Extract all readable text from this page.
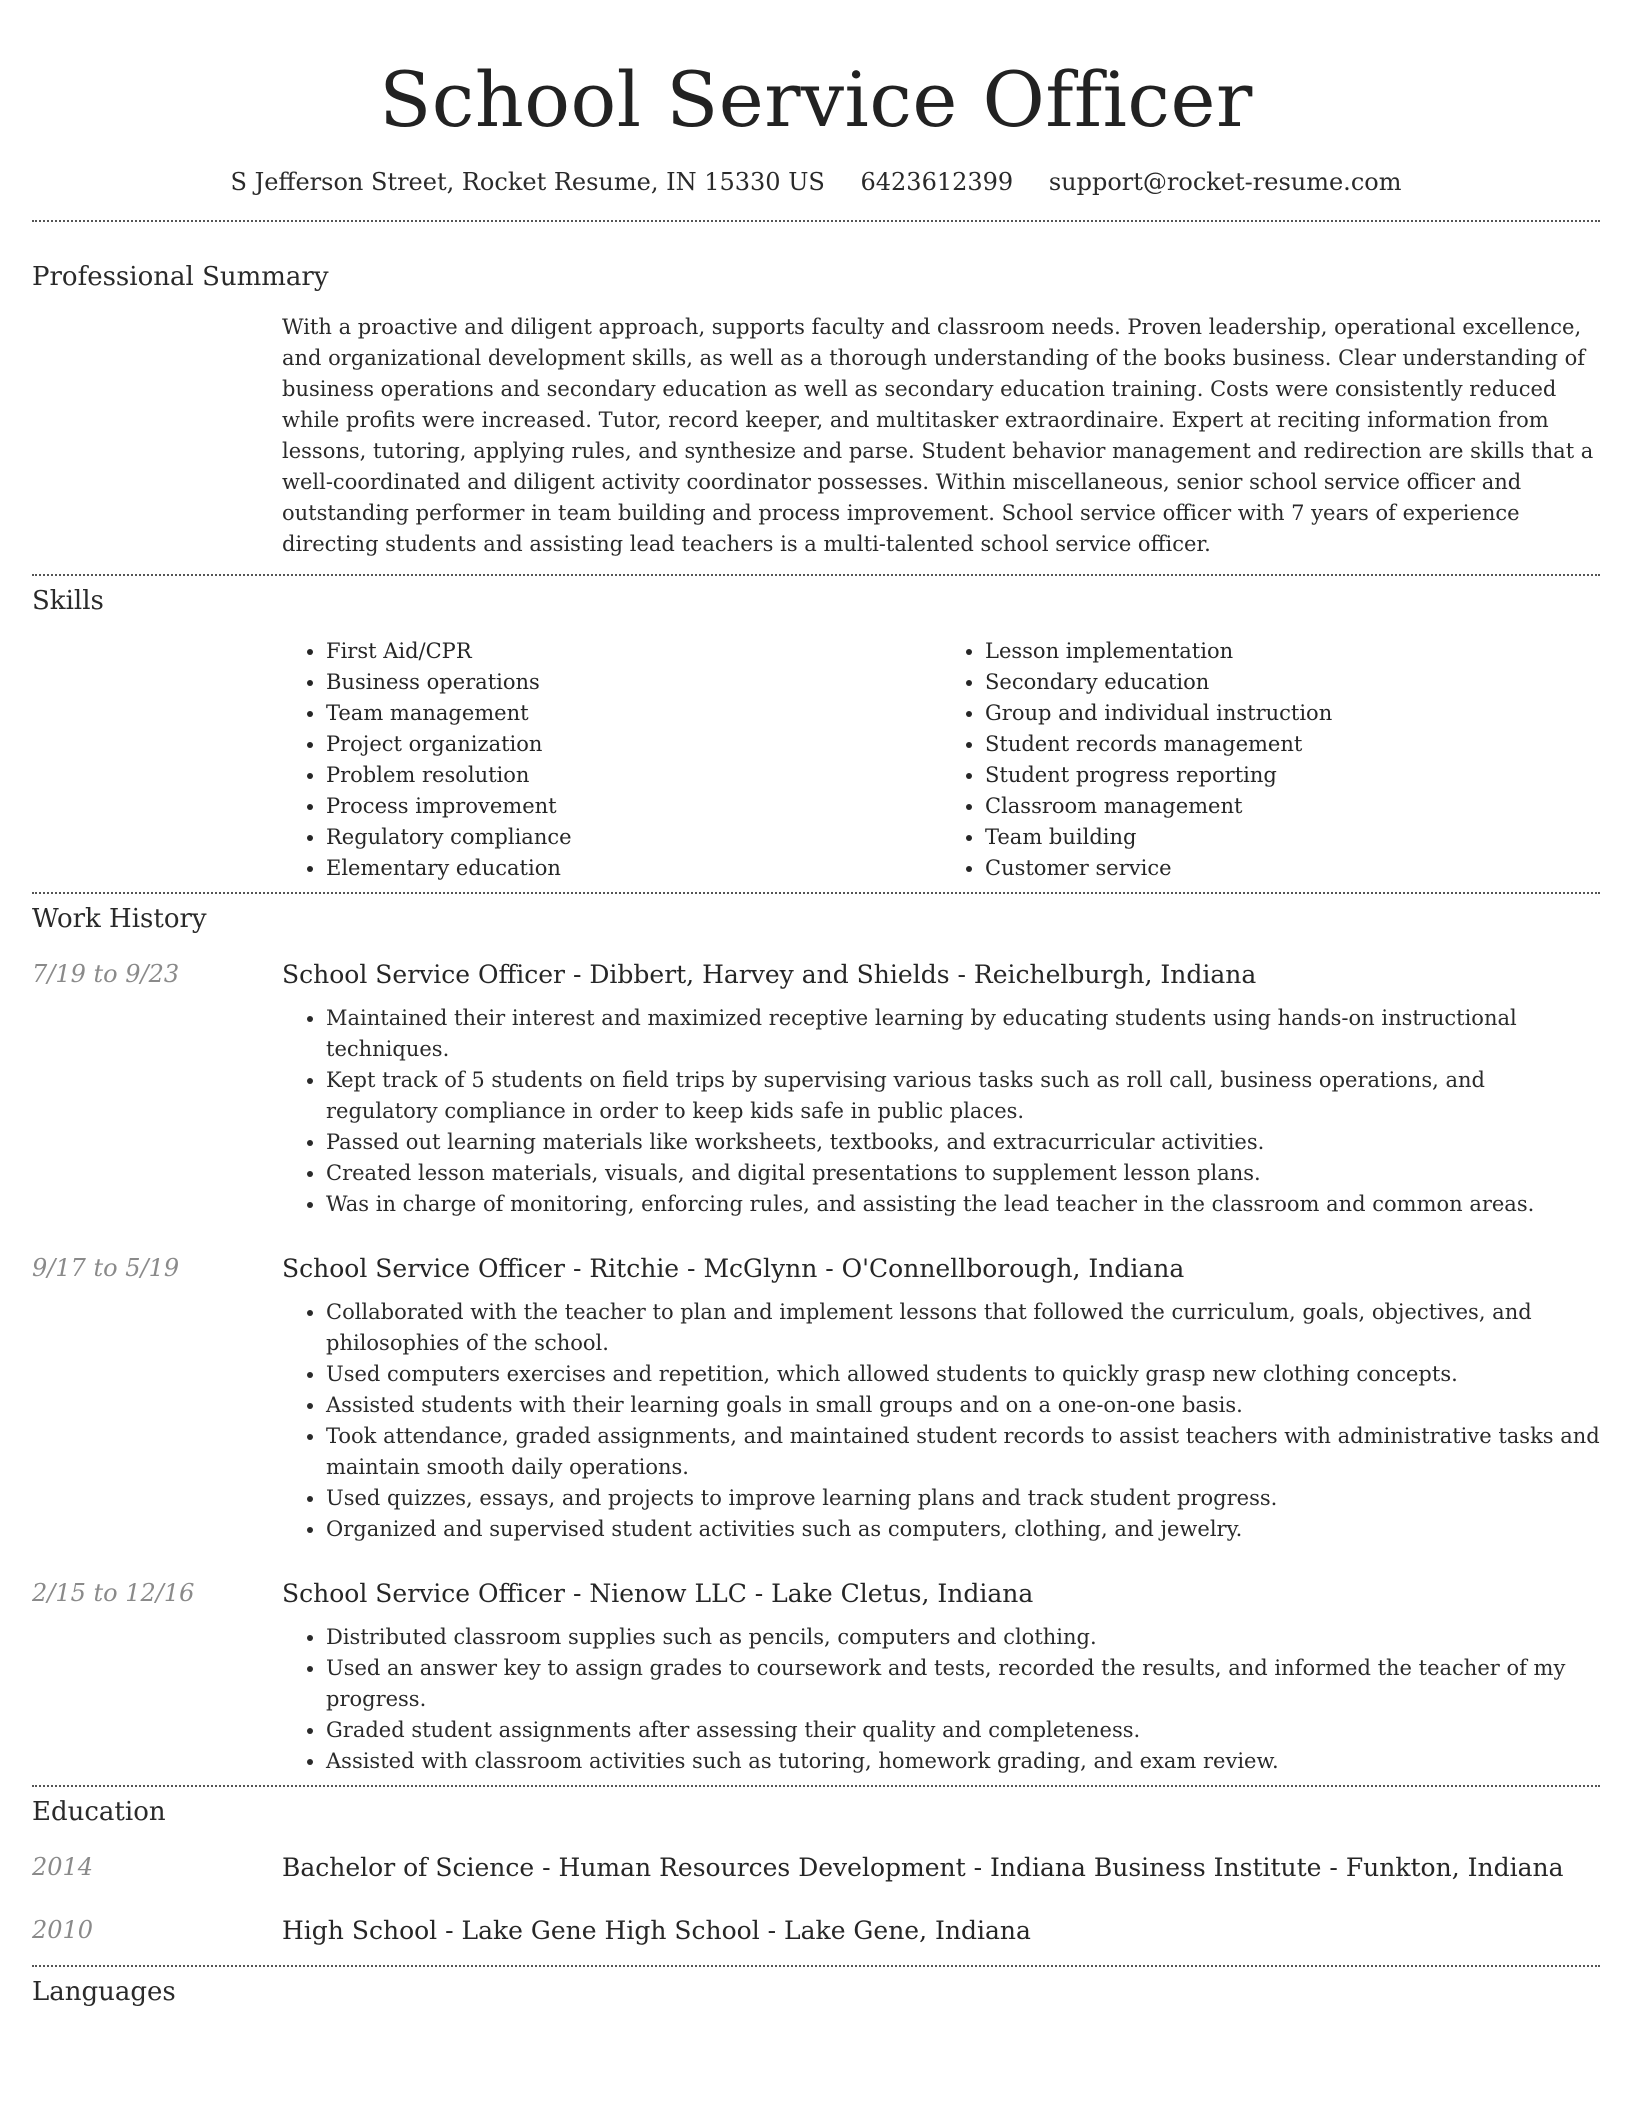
School Service Officer
S Jefferson Street, Rocket Resume, IN 15330 US 6423612399 support@rocket-resume.com
Professional Summary

With a proactive and diligent approach, supports faculty and classroom needs. Proven leadership, operational excellence, and organizational development skills, as well as a thorough understanding of the books business. Clear understanding of business operations and secondary education as well as secondary education training. Costs were consistently reduced while profits were increased. Tutor, record keeper, and multitasker extraordinaire. Expert at reciting information from lessons, tutoring, applying rules, and synthesize and parse. Student behavior management and redirection are skills that a well-coordinated and diligent activity coordinator possesses. Within miscellaneous, senior school service officer and outstanding performer in team building and process improvement. School service officer with 7 years of experience directing students and assisting lead teachers is a multi-talented school service officer.

Skills
• First Aid/CPR
• Business operations
• Team management
• Project organization
• Problem resolution
• Process improvement
• Regulatory compliance
• Elementary education
• Lesson implementation
• Secondary education
• Group and individual instruction
• Student records management
• Student progress reporting
• Classroom management
• Team building
• Customer service
Work History
7/19 to 9/23	School Service Officer - Dibbert, Harvey and Shields - Reichelburgh, Indiana
• Maintained their interest and maximized receptive learning by educating students using hands-on instructional techniques.
• Kept track of 5 students on field trips by supervising various tasks such as roll call, business operations, and regulatory compliance in order to keep kids safe in public places.
• Passed out learning materials like worksheets, textbooks, and extracurricular activities.
• Created lesson materials, visuals, and digital presentations to supplement lesson plans.
• Was in charge of monitoring, enforcing rules, and assisting the lead teacher in the classroom and common areas.
9/17 to 5/19	School Service Officer - Ritchie - McGlynn - O'Connellborough, Indiana
• Collaborated with the teacher to plan and implement lessons that followed the curriculum, goals, objectives, and philosophies of the school.
• Used computers exercises and repetition, which allowed students to quickly grasp new clothing concepts.
• Assisted students with their learning goals in small groups and on a one-on-one basis.
• Took attendance, graded assignments, and maintained student records to assist teachers with administrative tasks and maintain smooth daily operations.
• Used quizzes, essays, and projects to improve learning plans and track student progress.
• Organized and supervised student activities such as computers, clothing, and jewelry.
2/15 to 12/16	School Service Officer - Nienow LLC - Lake Cletus, Indiana
• Distributed classroom supplies such as pencils, computers and clothing.
• Used an answer key to assign grades to coursework and tests, recorded the results, and informed the teacher of my progress.
• Graded student assignments after assessing their quality and completeness.
• Assisted with classroom activities such as tutoring, homework grading, and exam review.
Education
2014	Bachelor of Science - Human Resources Development - Indiana Business Institute - Funkton, Indiana
2010	High School - Lake Gene High School - Lake Gene, Indiana
Languages
